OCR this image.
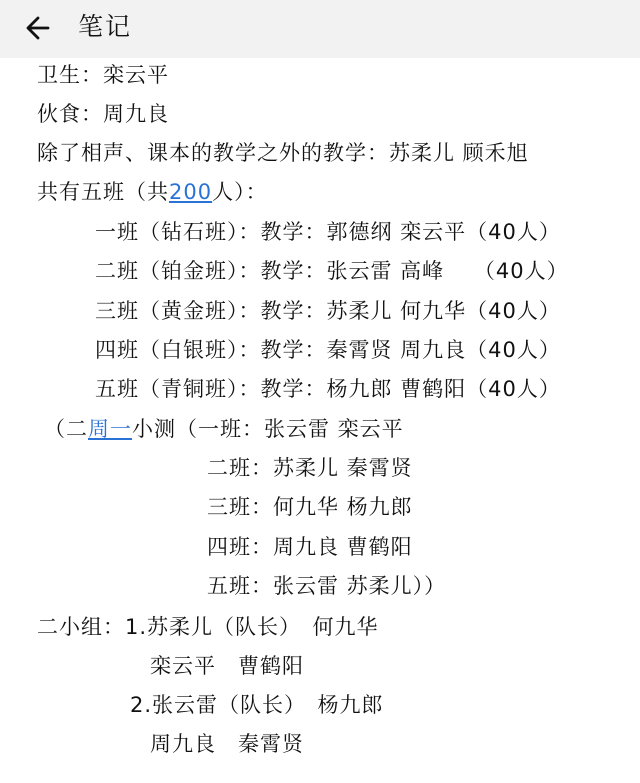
笔记
卫生：栾云平
伙食：周九良
除了相声、课本的教学之外的教学：苏柔儿 顾禾旭
共有五班（共200人）：
一班（钻石班）：教学：郭德纲 栾云平（40人）
二班（铂金班）：教学：张云雷 高峰　 （40人）
三班（黄金班）：教学：苏柔儿 何九华（40人）
四班（白银班）：教学：秦霄贤 周九良（40人）
五班（青铜班）：教学：杨九郎 曹鹤阳（40人）
（二周一小测（一班：张云雷 栾云平
二班：苏柔儿 秦霄贤
三班：何九华 杨九郎
四班：周九良 曹鹤阳
五班：张云雷 苏柔儿））
二小组：1.苏柔儿（队长）　何九华
栾云平　曹鹤阳
2.张云雷（队长）　杨九郎
周九良　秦霄贤
